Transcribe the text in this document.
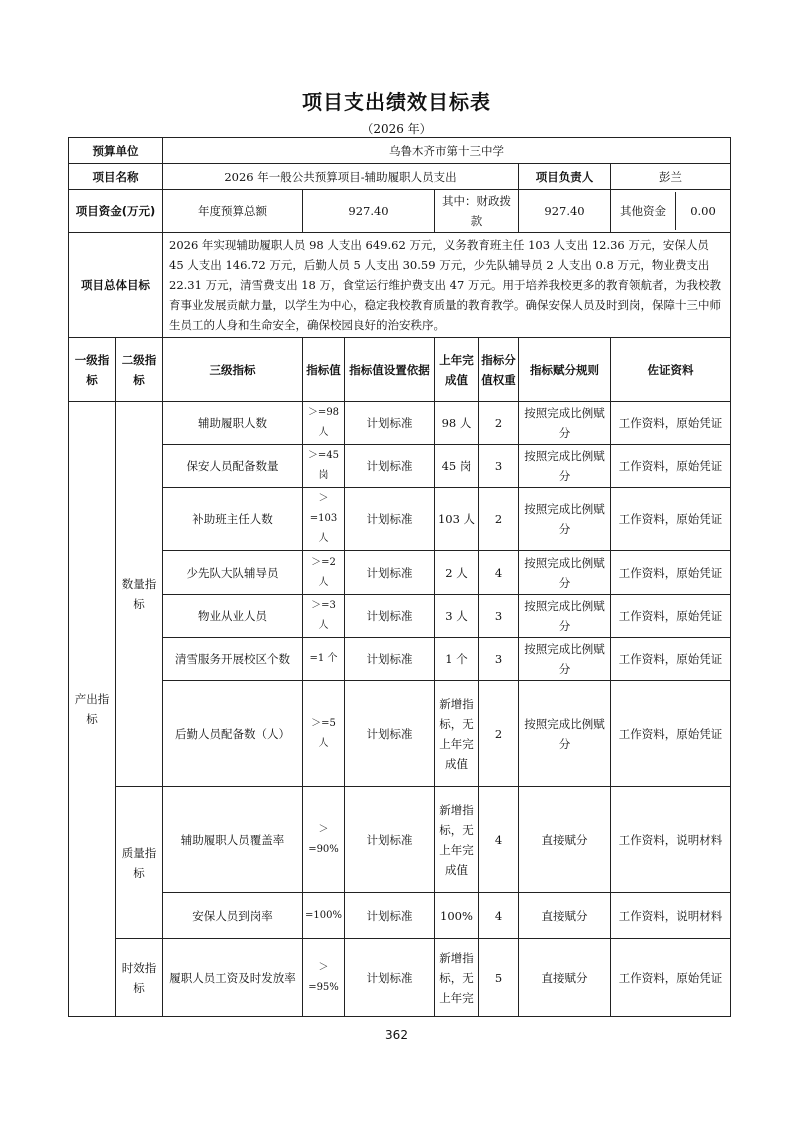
项目支出绩效目标表
（2026 年）
预算单位		乌鲁木齐市第十三中学						
项目名称		2026 年一般公共预算项目-辅助履职人员支出					项目负责人	彭兰
项目资金(万元)		年度预算总额	927.40		其中：财政拨款		927.40	其他资金 0.00

项目总体目标		2026 年实现辅助履职人员 98 人支出 649.62 万元，义务教育班主任 103 人支出 12.36 万元，安保人员 45 人支出 146.72 万元，后勤人员 5 人支出 30.59 万元，少先队辅导员 2 人支出 0.8 万元，物业费支出 22.31 万元，清雪费支出 18 万，食堂运行维护费支出 47 万元。用于培养我校更多的教育领航者，为我校教育事业发展贡献力量，以学生为中心，稳定我校教育质量的教育教学。确保安保人员及时到岗，保障十三中师生员工的人身和生命安全，确保校园良好的治安秩序。						
一级指标	二级指标	三级指标	指标值	指标值设置依据	上年完成值	指标分值权重	指标赋分规则	佐证资料
产出指标	数量指标	辅助履职人数	＞=98 人	计划标准	98 人	2	按照完成比例赋分	工作资料，原始凭证
		保安人员配备数量	＞=45 岗	计划标准	45 岗	3	按照完成比例赋分	工作资料，原始凭证
		补助班主任人数	＞ =103 人	计划标准	103 人	2	按照完成比例赋分	工作资料，原始凭证
		少先队大队辅导员	＞=2 人	计划标准	2 人	4	按照完成比例赋分	工作资料，原始凭证
		物业从业人员	＞=3 人	计划标准	3 人	3	按照完成比例赋分	工作资料，原始凭证
		清雪服务开展校区个数	=1 个	计划标准	1 个	3	按照完成比例赋分	工作资料，原始凭证
		后勤人员配备数（人）	＞=5 人	计划标准	新增指标，无上年完成值	2	按照完成比例赋分	工作资料，原始凭证
	质量指标	辅助履职人员覆盖率	＞ =90%	计划标准	新增指标，无上年完成值	4	直接赋分	工作资料，说明材料
		安保人员到岗率	=100%	计划标准	100%	4	直接赋分	工作资料，说明材料
	时效指标	履职人员工资及时发放率	＞ =95%	计划标准	新增指标，无上年完	5	直接赋分	工作资料，原始凭证
362
